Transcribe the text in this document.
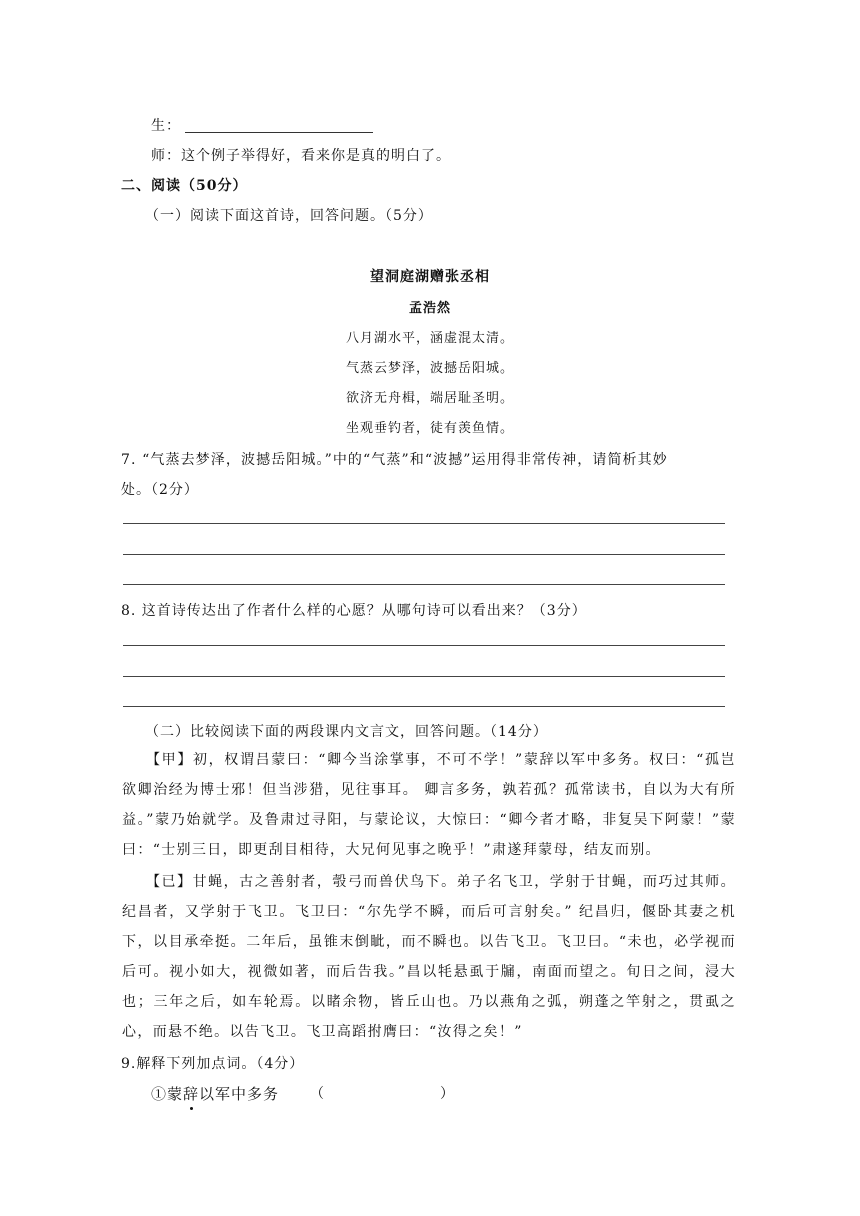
生：
师：这个例子举得好，看来你是真的明白了。
二、阅读（50分）
（一）阅读下面这首诗，回答问题。（5分）
望洞庭湖赠张丞相
孟浩然
八月湖水平，涵虚混太清。
气蒸云梦泽，波撼岳阳城。
欲济无舟楫，端居耻圣明。
坐观垂钓者，徒有羡鱼情。
7. “气蒸去梦泽，波撼岳阳城。”中的“气蒸”和“波撼”运用得非常传神，请简析其妙
处。（2分）
8. 这首诗传达出了作者什么样的心愿？从哪句诗可以看出来？（3分）
（二）比较阅读下面的两段课内文言文，回答问题。（14分）
【甲】初，权谓吕蒙曰：“卿今当涂掌事，不可不学！”蒙辞以军中多务。权曰：“孤岂欲卿治经为博士邪！但当涉猎，见往事耳。 卿言多务，孰若孤？孤常读书，自以为大有所益。”蒙乃始就学。及鲁肃过寻阳，与蒙论议，大惊曰：“卿今者才略，非复吴下阿蒙！”蒙曰：“士别三日，即更刮目相待，大兄何见事之晚乎！”肃遂拜蒙母，结友而别。
【已】甘蝇，古之善射者，彀弓而兽伏鸟下。弟子名飞卫，学射于甘蝇，而巧过其师。纪昌者，又学射于飞卫。飞卫曰：“尔先学不瞬，而后可言射矣。” 纪昌归，偃卧其妻之机下，以目承牵挺。二年后，虽锥末倒眦，而不瞬也。以告飞卫。飞卫曰。“未也，必学视而后可。视小如大，视微如著，而后告我。”昌以牦悬虱于牖，南面而望之。旬日之间，浸大也；三年之后，如车轮焉。以睹余物，皆丘山也。乃以燕角之弧，朔蓬之竿射之，贯虱之心，而悬不绝。以告飞卫。飞卫高蹈拊膺曰：“汝得之矣！”
9.解释下列加点词。（4分）
①蒙辞以军中多务 （	）
